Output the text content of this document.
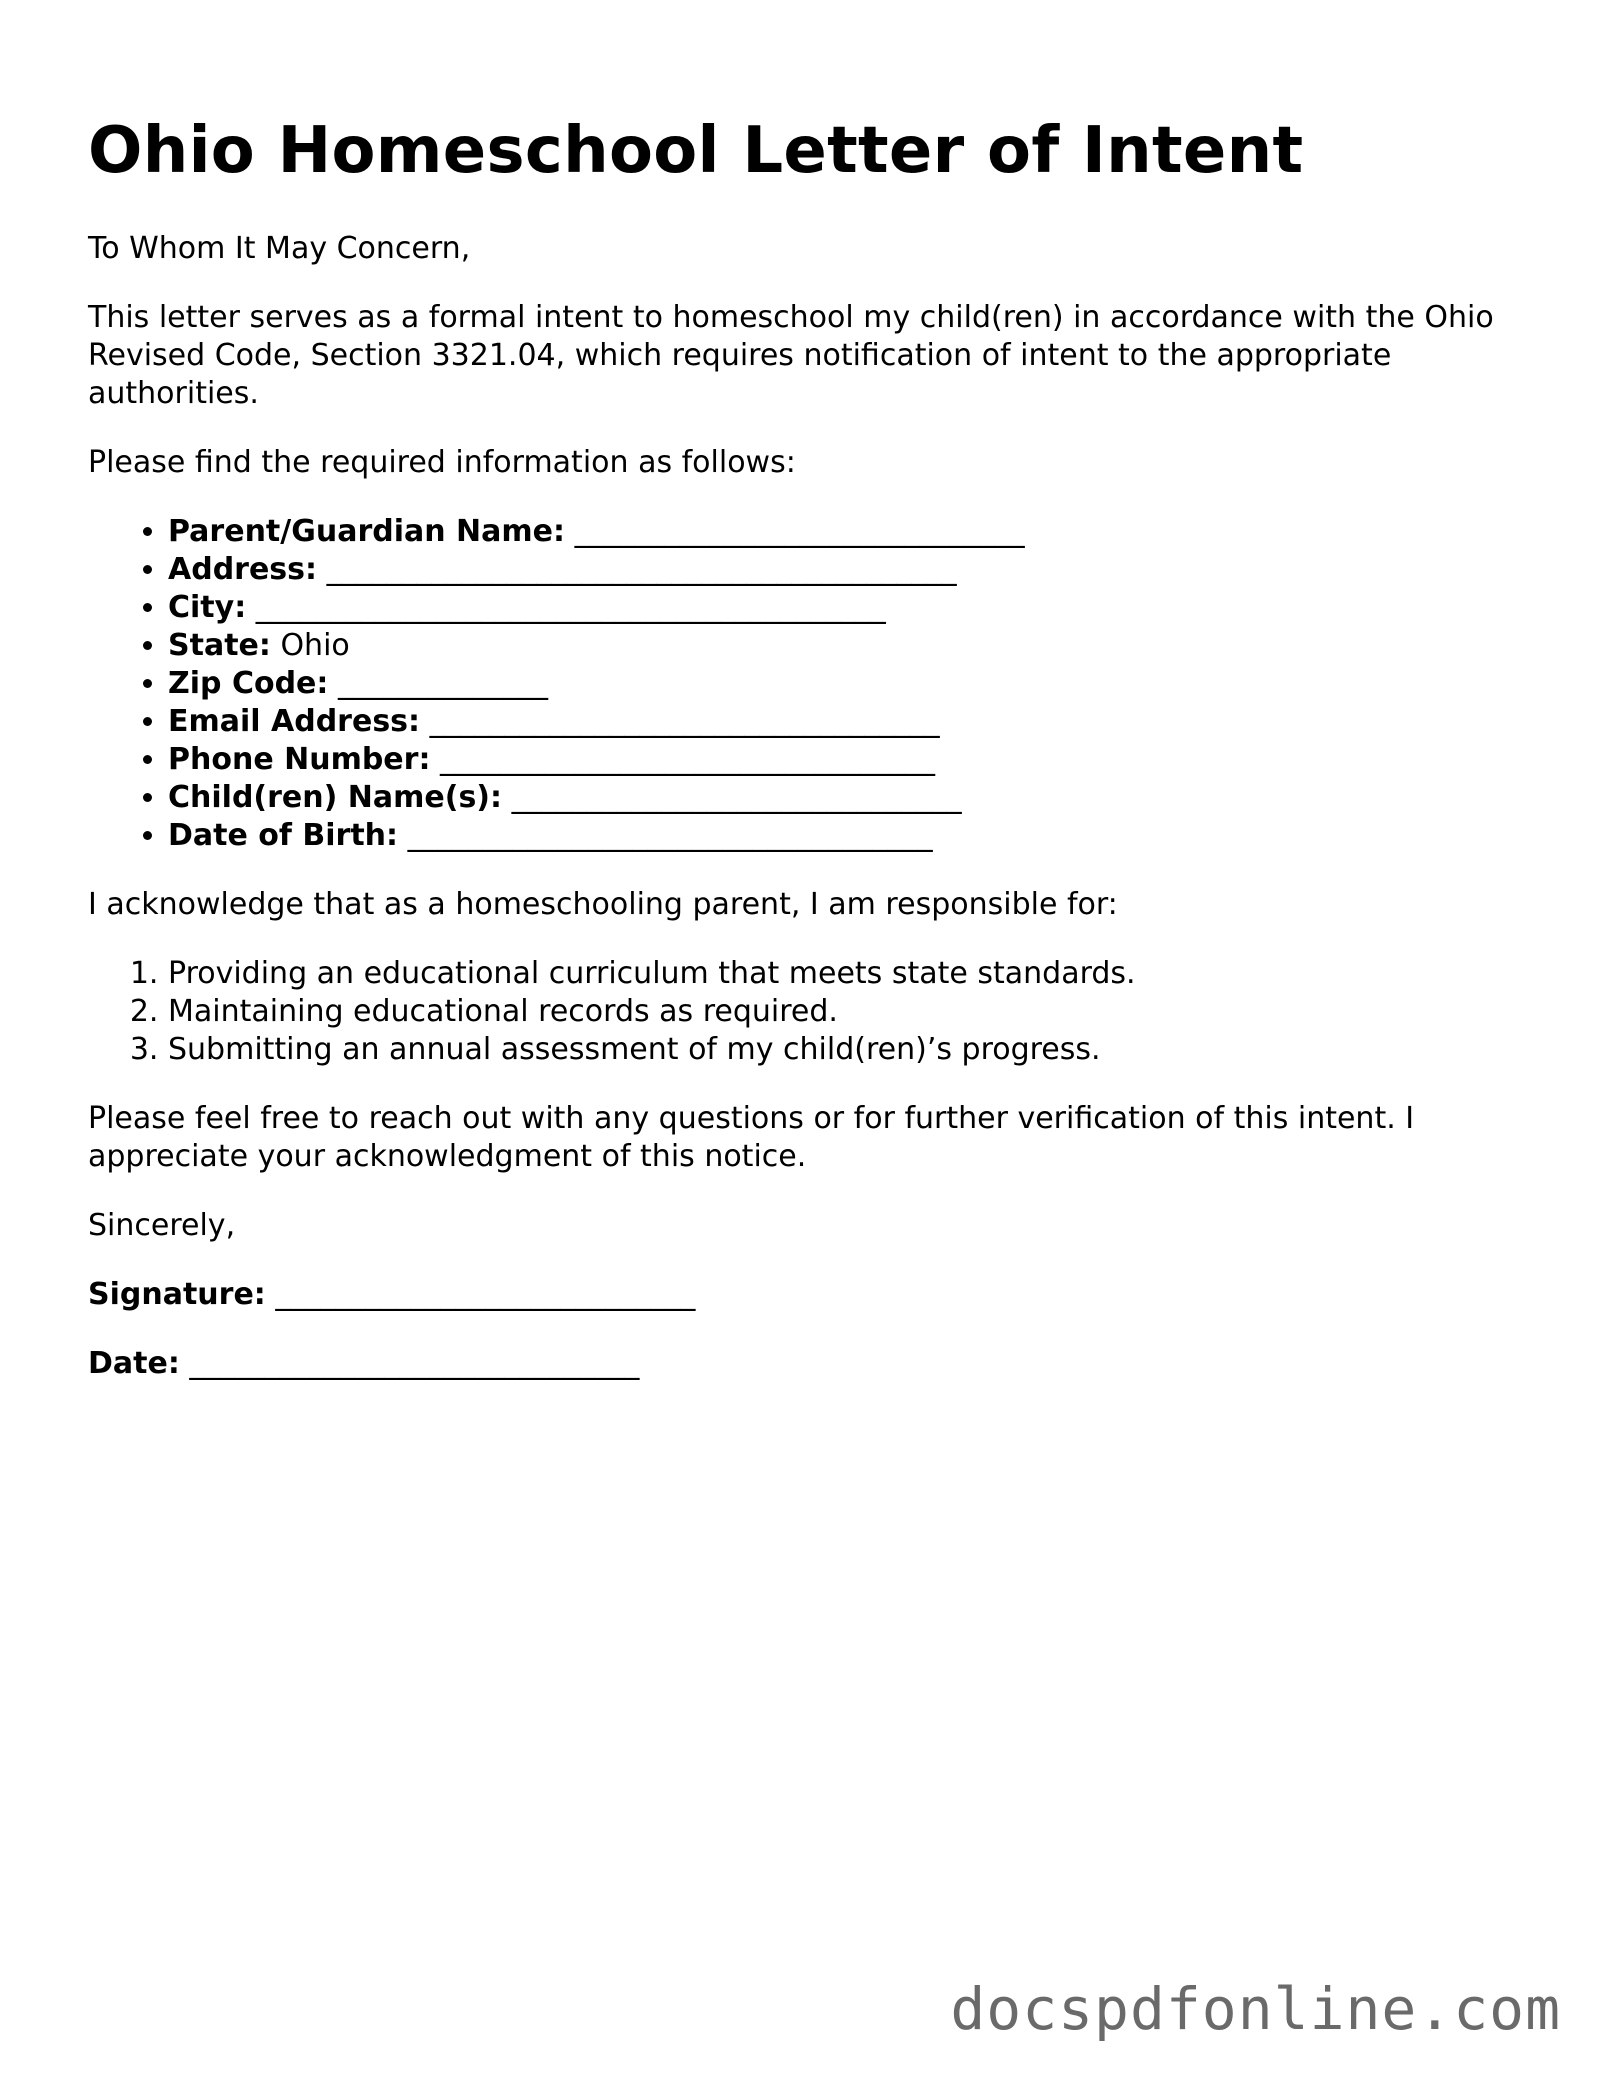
Ohio Homeschool Letter of Intent

To Whom It May Concern,

This letter serves as a formal intent to homeschool my child(ren) in accordance with the Ohio Revised Code, Section 3321.04, which requires notification of intent to the appropriate authorities.

Please find the required information as follows:

• Parent/Guardian Name: ______________________________
• Address: __________________________________________
• City: __________________________________________
• State: Ohio
• Zip Code: ______________
• Email Address: __________________________________
• Phone Number: _________________________________
• Child(ren) Name(s): ______________________________
• Date of Birth: ___________________________________

I acknowledge that as a homeschooling parent, I am responsible for:

1. Providing an educational curriculum that meets state standards.
2. Maintaining educational records as required.
3. Submitting an annual assessment of my child(ren)’s progress.

Please feel free to reach out with any questions or for further verification of this intent. I appreciate your acknowledgment of this notice.

Sincerely,

Signature: ____________________________
Date: ______________________________
docspdfonline.com
